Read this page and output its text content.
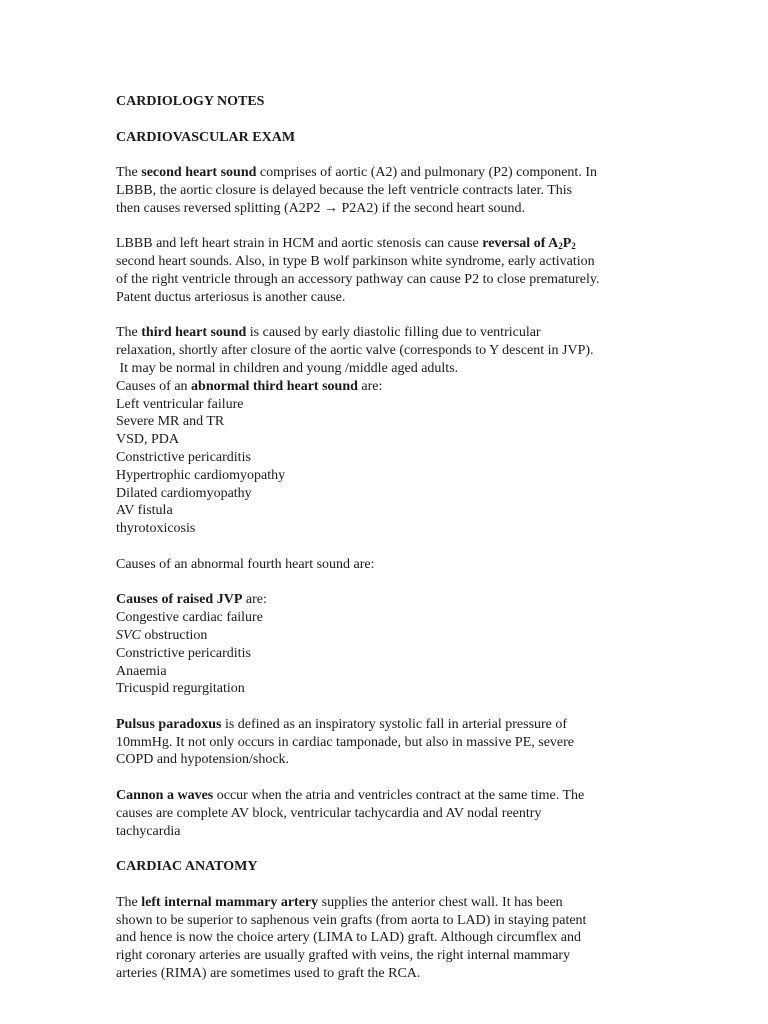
CARDIOLOGY NOTES

CARDIOVASCULAR EXAM

The second heart sound comprises of aortic (A2) and pulmonary (P2) component. In

LBBB, the aortic closure is delayed because the left ventricle contracts later. This

then causes reversed splitting (A2P2 → P2A2) if the second heart sound.

LBBB and left heart strain in HCM and aortic stenosis can cause reversal of $A_2P_2$

second heart sounds. Also, in type B wolf parkinson white syndrome, early activation

of the right ventricle through an accessory pathway can cause P2 to close prematurely.

Patent ductus arteriosus is another cause.

The third heart sound is caused by early diastolic filling due to ventricular

relaxation, shortly after closure of the aortic valve (corresponds to Y descent in JVP).

It may be normal in children and young /middle aged adults.

Causes of an abnormal third heart sound are:

Left ventricular failure

Severe MR and TR

VSD, PDA

Constrictive pericarditis

Hypertrophic cardiomyopathy

Dilated cardiomyopathy

AV fistula

thyrotoxicosis

Causes of an abnormal fourth heart sound are:

Causes of raised JVP are:

Congestive cardiac failure

SVC obstruction

Constrictive pericarditis

Anaemia

Tricuspid regurgitation

Pulsus paradoxus is defined as an inspiratory systolic fall in arterial pressure of

10mmHg. It not only occurs in cardiac tamponade, but also in massive PE, severe

COPD and hypotension/shock.

Cannon a waves occur when the atria and ventricles contract at the same time. The

causes are complete AV block, ventricular tachycardia and AV nodal reentry

tachycardia

CARDIAC ANATOMY

The left internal mammary artery supplies the anterior chest wall. It has been

shown to be superior to saphenous vein grafts (from aorta to LAD) in staying patent

and hence is now the choice artery (LIMA to LAD) graft. Although circumflex and

right coronary arteries are usually grafted with veins, the right internal mammary

arteries (RIMA) are sometimes used to graft the RCA.
